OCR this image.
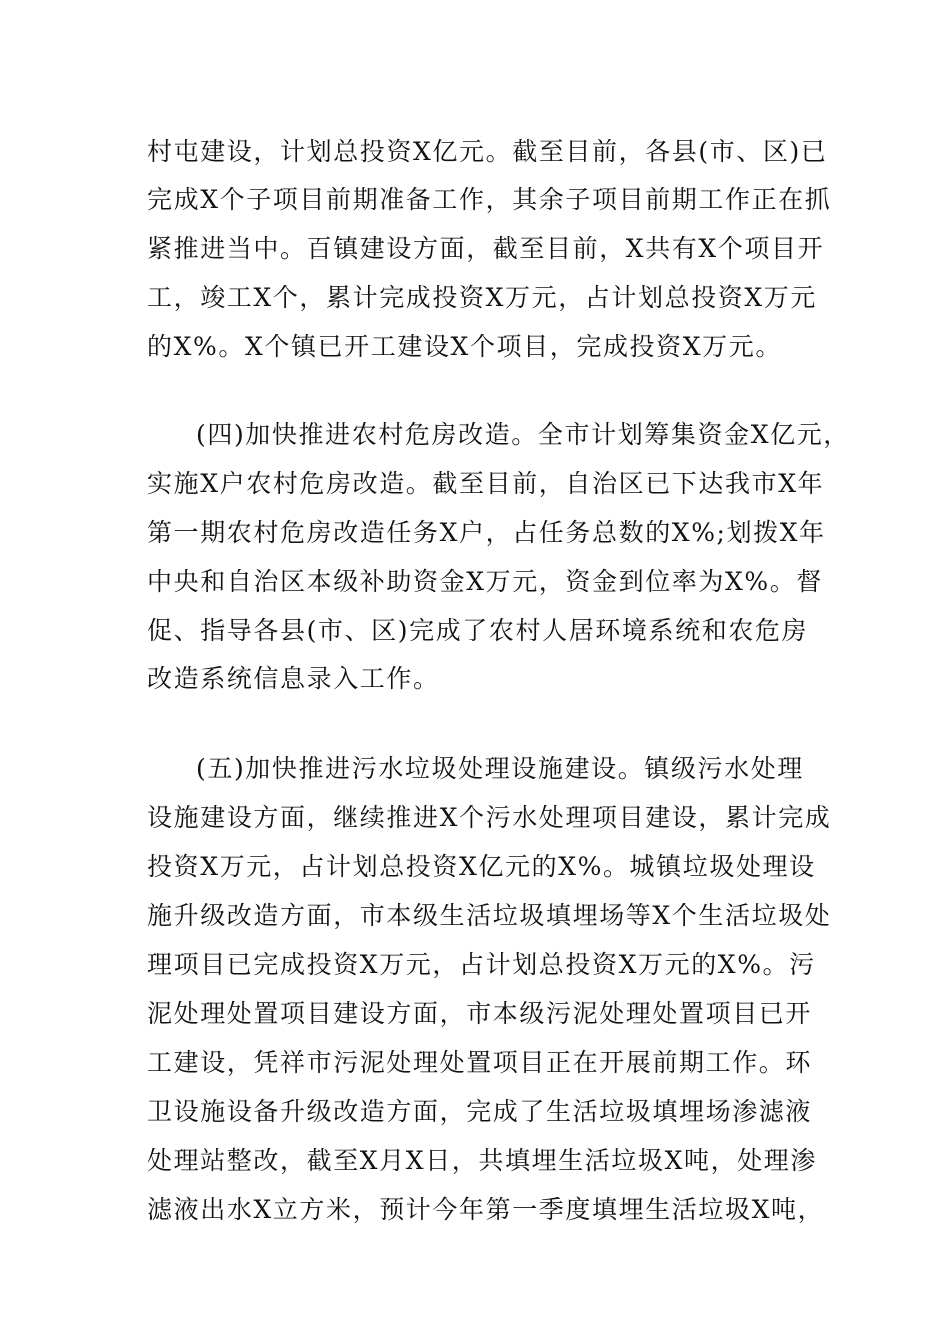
村屯建设，计划总投资X亿元。截至目前，各县(市、区)已
完成X个子项目前期准备工作，其余子项目前期工作正在抓
紧推进当中。百镇建设方面，截至目前，X共有X个项目开
工，竣工X个，累计完成投资X万元，占计划总投资X万元
的X%。X个镇已开工建设X个项目，完成投资X万元。
(四)加快推进农村危房改造。全市计划筹集资金X亿元，
实施X户农村危房改造。截至目前，自治区已下达我市X年
第一期农村危房改造任务X户，占任务总数的X%;划拨X年
中央和自治区本级补助资金X万元，资金到位率为X%。督
促、指导各县(市、区)完成了农村人居环境系统和农危房
改造系统信息录入工作。
(五)加快推进污水垃圾处理设施建设。镇级污水处理
设施建设方面，继续推进X个污水处理项目建设，累计完成
投资X万元，占计划总投资X亿元的X%。城镇垃圾处理设
施升级改造方面，市本级生活垃圾填埋场等X个生活垃圾处
理项目已完成投资X万元，占计划总投资X万元的X%。污
泥处理处置项目建设方面，市本级污泥处理处置项目已开
工建设，凭祥市污泥处理处置项目正在开展前期工作。环
卫设施设备升级改造方面，完成了生活垃圾填埋场渗滤液
处理站整改，截至X月X日，共填埋生活垃圾X吨，处理渗
滤液出水X立方米，预计今年第一季度填埋生活垃圾X吨，
